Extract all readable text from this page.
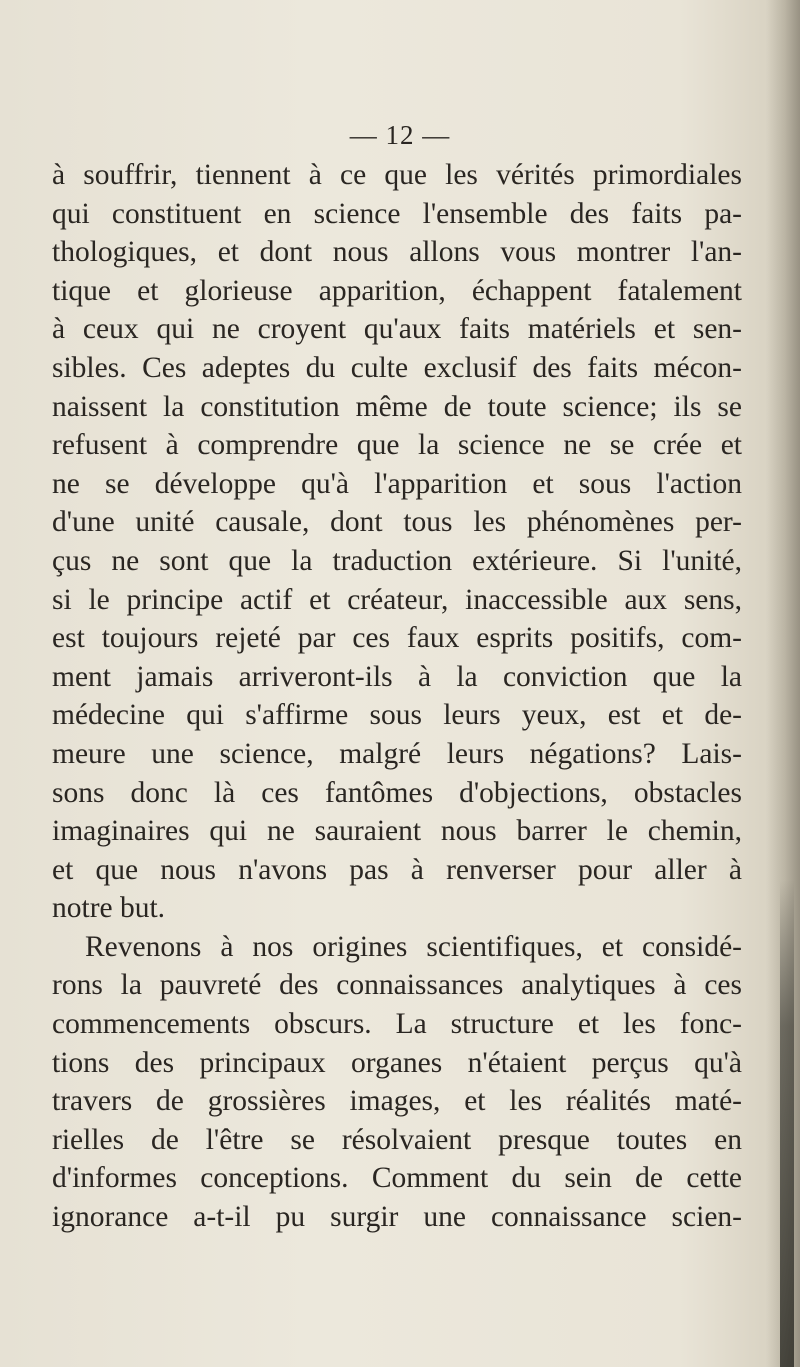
— 12 —
à souffrir, tiennent à ce que les vérités primordiales
qui constituent en science l'ensemble des faits pa-
thologiques, et dont nous allons vous montrer l'an-
tique et glorieuse apparition, échappent fatalement
à ceux qui ne croyent qu'aux faits matériels et sen-
sibles. Ces adeptes du culte exclusif des faits mécon-
naissent la constitution même de toute science; ils se
refusent à comprendre que la science ne se crée et
ne se développe qu'à l'apparition et sous l'action
d'une unité causale, dont tous les phénomènes per-
çus ne sont que la traduction extérieure. Si l'unité,
si le principe actif et créateur, inaccessible aux sens,
est toujours rejeté par ces faux esprits positifs, com-
ment jamais arriveront-ils à la conviction que la
médecine qui s'affirme sous leurs yeux, est et de-
meure une science, malgré leurs négations? Lais-
sons donc là ces fantômes d'objections, obstacles
imaginaires qui ne sauraient nous barrer le chemin,
et que nous n'avons pas à renverser pour aller à
notre but.
Revenons à nos origines scientifiques, et considé-
rons la pauvreté des connaissances analytiques à ces
commencements obscurs. La structure et les fonc-
tions des principaux organes n'étaient perçus qu'à
travers de grossières images, et les réalités maté-
rielles de l'être se résolvaient presque toutes en
d'informes conceptions. Comment du sein de cette
ignorance a-t-il pu surgir une connaissance scien-
